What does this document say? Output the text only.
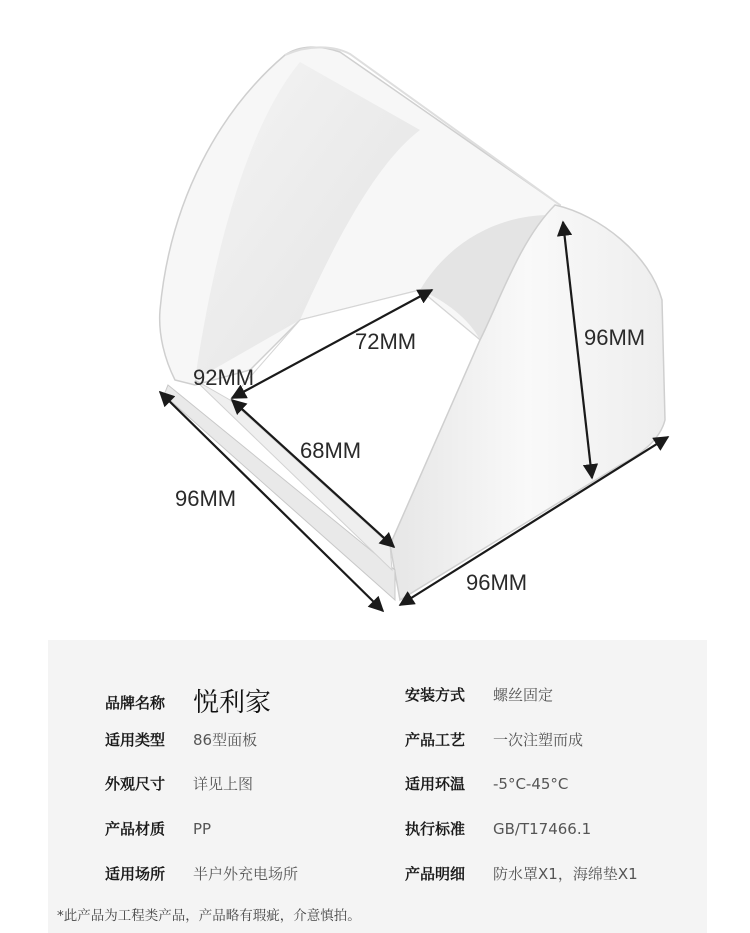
72MM	96MM
92MM
68MM
96MM
96MM
品牌名称 悦利家
适用类型 86型面板
外观尺寸 详见上图
产品材质 PP
适用场所 半户外充电场所
安装方式 螺丝固定
产品工艺 一次注塑而成
适用环温 -5°C-45°C
执行标准 GB/T17466.1
产品明细 防水罩X1，海绵垫X1
*此产品为工程类产品，产品略有瑕疵，介意慎拍。
